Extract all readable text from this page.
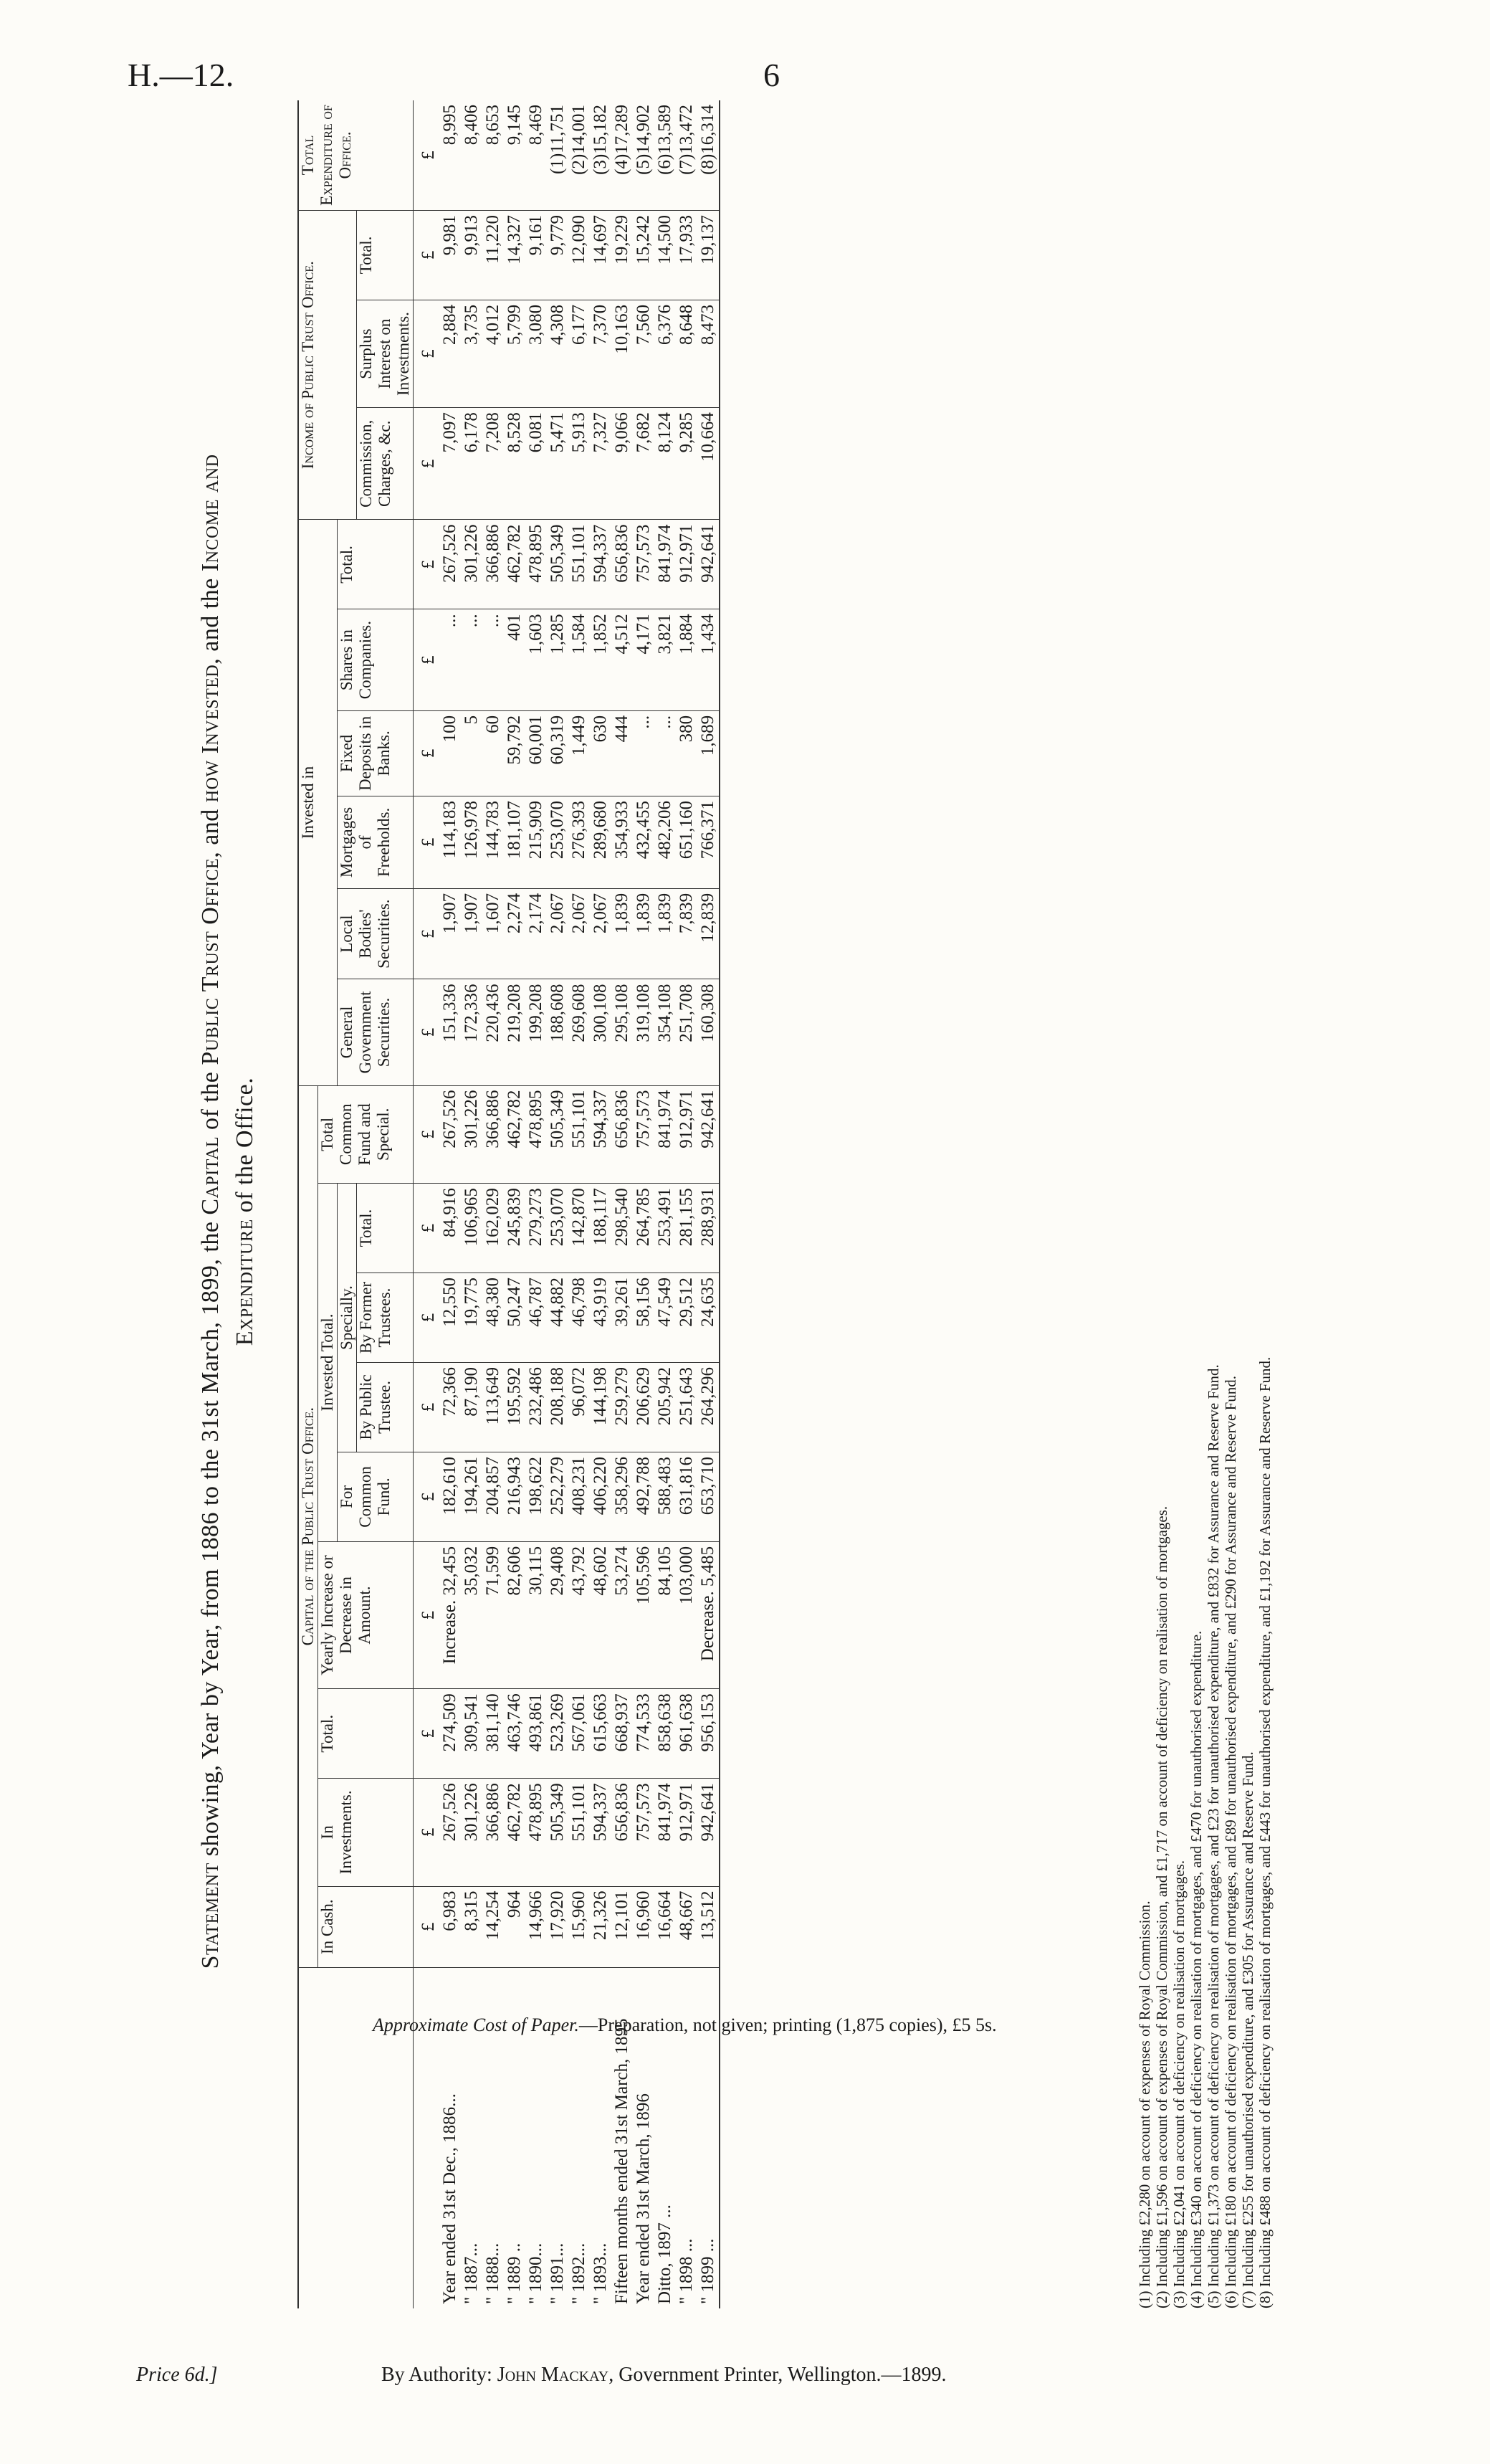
H.—12.	6
Statement showing, Year by Year, from 1886 to the 31st March, 1899, the Capital of the Public Trust Office, and how Invested, and the Income and
Expenditure of the Office.
	Capital of the Public Trust Office.									Invested in						Income of Public Trust Office.			Total Expenditure of Office.
	In Cash.	In Investments.	Total.	Yearly Increase or Decrease in Amount.	Invested Total.				Total Common Fund and Special.										
					For Common Fund.	Specially.				General Government Securities.	Local Bodies' Securities.	Mortgages of Freeholds.	Fixed Deposits in Banks.	Shares in Companies.	Total.				
						By Public Trustee.	By Former Trustees.	Total.								Commission, Charges, &c.	Surplus Interest on Investments.	Total.	
	£	£	£	£	£	£	£	£	£	£	£	£	£	£	£	£	£	£	£
Year ended 31st Dec., 1886...	6,983	267,526	274,509	Increase. 32,455	182,610	72,366	12,550	84,916	267,526	151,336	1,907	114,183	100	...	267,526	7,097	2,884	9,981	8,995
" 1887...	8,315	301,226	309,541	35,032	194,261	87,190	19,775	106,965	301,226	172,336	1,907	126,978	5	...	301,226	6,178	3,735	9,913	8,406
" 1888...	14,254	366,886	381,140	71,599	204,857	113,649	48,380	162,029	366,886	220,436	1,607	144,783	60	...	366,886	7,208	4,012	11,220	8,653
" 1889 ..	964	462,782	463,746	82,606	216,943	195,592	50,247	245,839	462,782	219,208	2,274	181,107	59,792	401	462,782	8,528	5,799	14,327	9,145
" 1890...	14,966	478,895	493,861	30,115	198,622	232,486	46,787	279,273	478,895	199,208	2,174	215,909	60,001	1,603	478,895	6,081	3,080	9,161	8,469
" 1891...	17,920	505,349	523,269	29,408	252,279	208,188	44,882	253,070	505,349	188,608	2,067	253,070	60,319	1,285	505,349	5,471	4,308	9,779	(1)11,751
" 1892...	15,960	551,101	567,061	43,792	408,231	96,072	46,798	142,870	551,101	269,608	2,067	276,393	1,449	1,584	551,101	5,913	6,177	12,090	(2)14,001
" 1893...	21,326	594,337	615,663	48,602	406,220	144,198	43,919	188,117	594,337	300,108	2,067	289,680	630	1,852	594,337	7,327	7,370	14,697	(3)15,182
Fifteen months ended 31st March, 1895	12,101	656,836	668,937	53,274	358,296	259,279	39,261	298,540	656,836	295,108	1,839	354,933	444	4,512	656,836	9,066	10,163	19,229	(4)17,289
Year ended 31st March, 1896	16,960	757,573	774,533	105,596	492,788	206,629	58,156	264,785	757,573	319,108	1,839	432,455	...	4,171	757,573	7,682	7,560	15,242	(5)14,902
Ditto, 1897 ...	16,664	841,974	858,638	84,105	588,483	205,942	47,549	253,491	841,974	354,108	1,839	482,206	...	3,821	841,974	8,124	6,376	14,500	(6)13,589
" 1898 ...	48,667	912,971	961,638	103,000	631,816	251,643	29,512	281,155	912,971	251,708	7,839	651,160	380	1,884	912,971	9,285	8,648	17,933	(7)13,472
" 1899 ...	13,512	942,641	956,153	Decrease. 5,485	653,710	264,296	24,635	288,931	942,641	160,308	12,839	766,371	1,689	1,434	942,641	10,664	8,473	19,137	(8)16,314
(1) Including £2,280 on account of expenses of Royal Commission. (2) Including £1,596 on account of expenses of Royal Commission, and £1,717 on account of deficiency on realisation of mortgages. (3) Including £2,041 on account of deficiency on realisation of mortgages. (4) Including £340 on account of deficiency on realisation of mortgages, and £470 for unauthorised expenditure. (5) Including £1,373 on account of deficiency on realisation of mortgages, and £23 for unauthorised expenditure, and £832 for Assurance and Reserve Fund. (6) Including £180 on account of deficiency on realisation of mortgages, and £89 for unauthorised expenditure, and £290 for Assurance and Reserve Fund. (7) Including £255 for unauthorised expenditure, and £305 for Assurance and Reserve Fund. (8) Including £488 on account of deficiency on realisation of mortgages, and £443 for unauthorised expenditure, and £1,192 for Assurance and Reserve Fund.
Approximate Cost of Paper.—Preparation, not given; printing (1,875 copies), £5 5s.
Price 6d.]	By Authority: John Mackay, Government Printer, Wellington.—1899.
